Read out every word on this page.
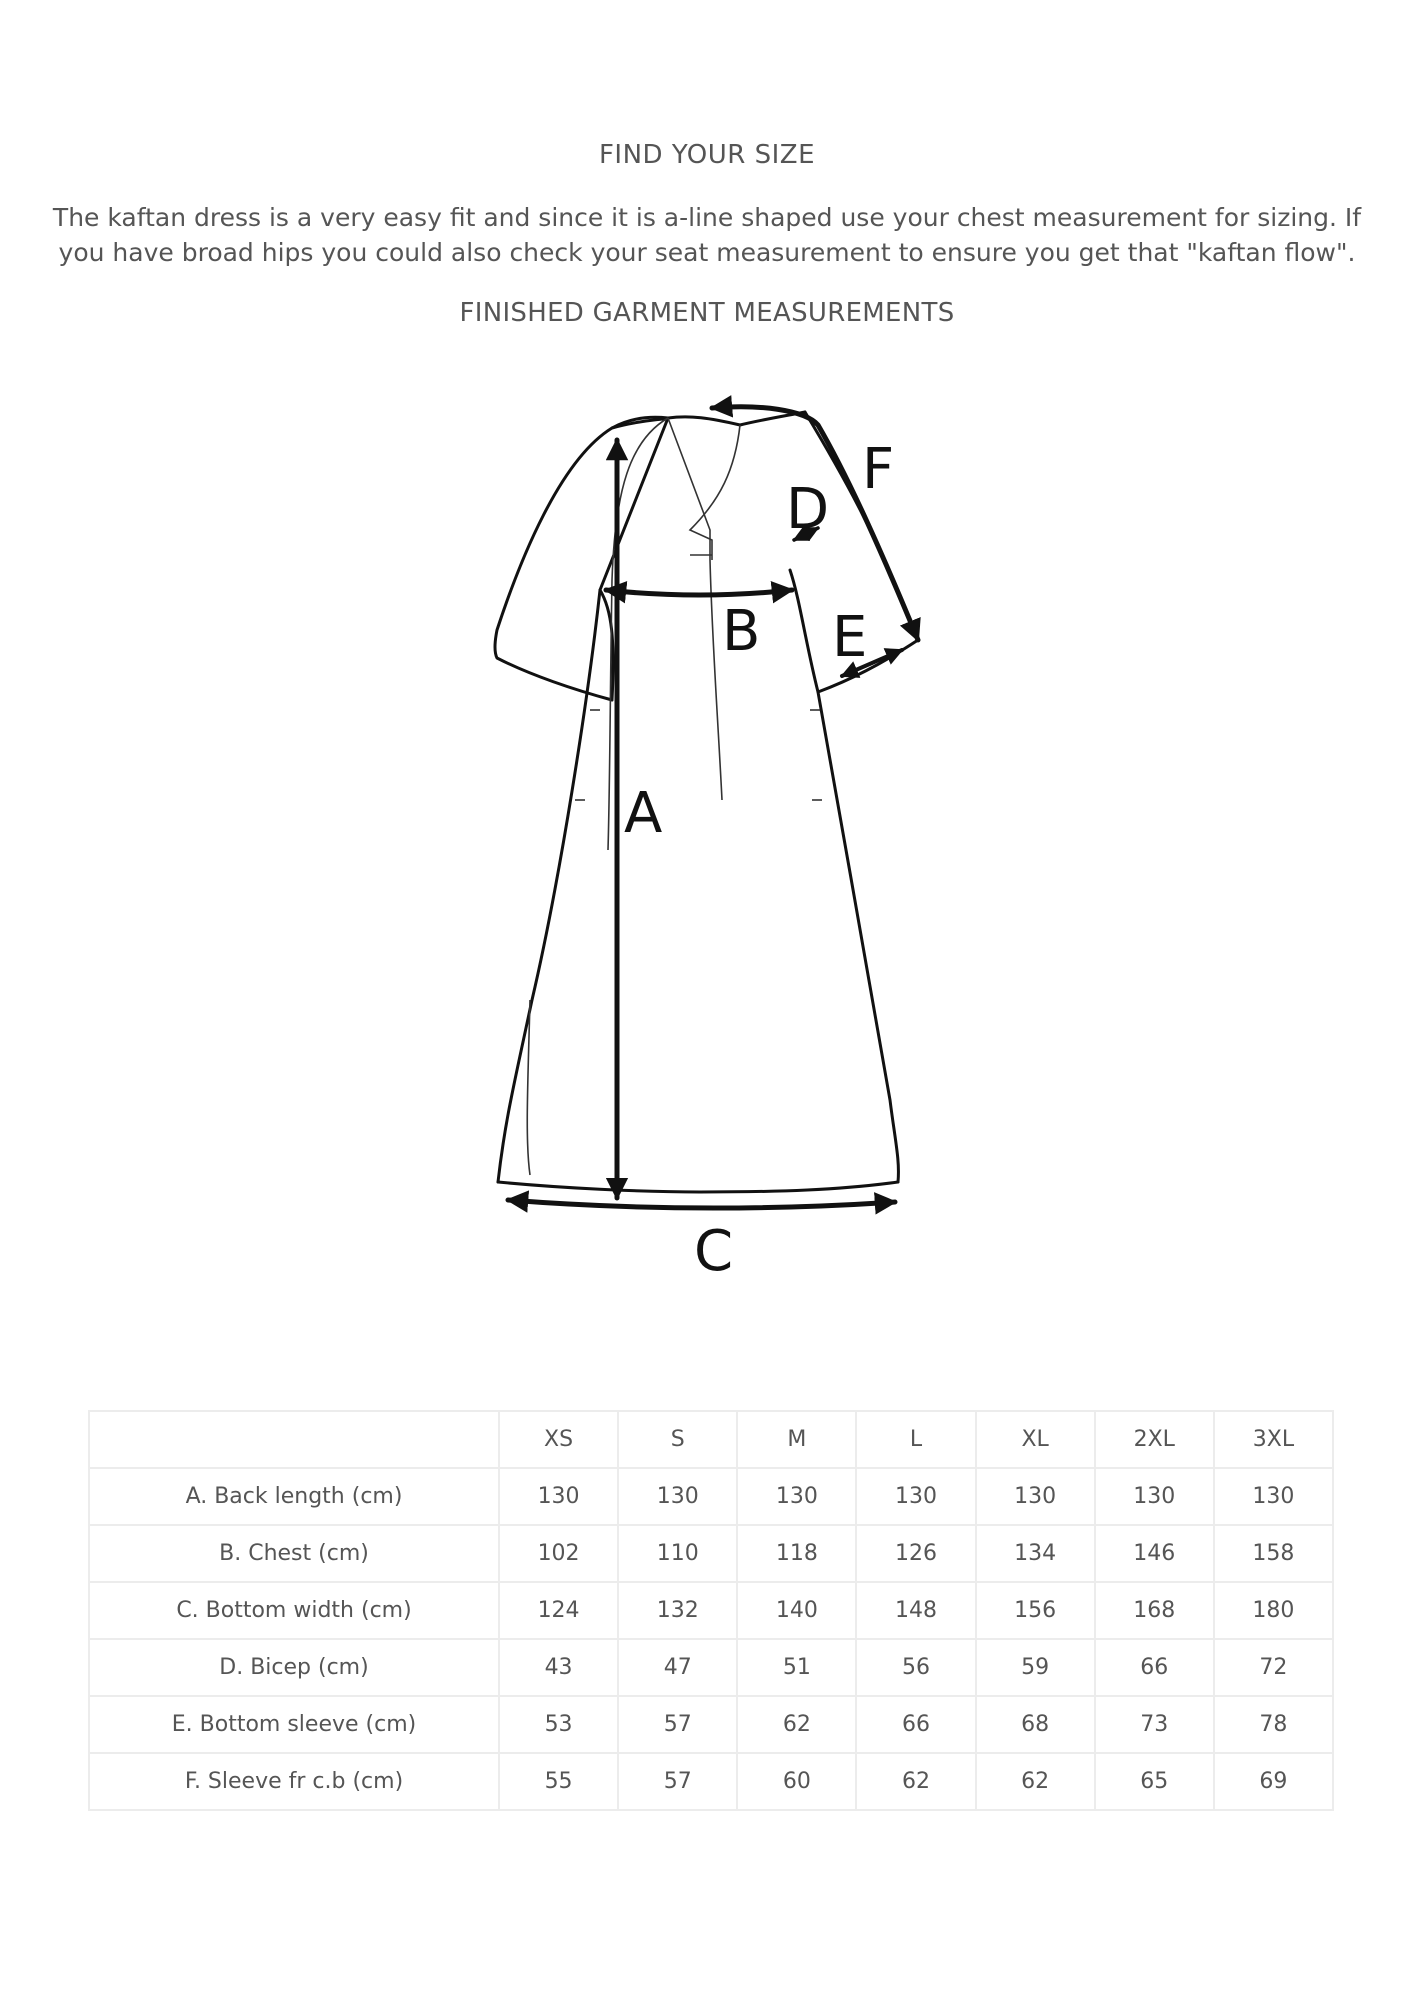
FIND YOUR SIZE
The kaftan dress is a very easy fit and since it is a-line shaped use your chest measurement for sizing. If you have broad hips you could also check your seat measurement to ensure you get that "kaftan flow".
FINISHED GARMENT MEASUREMENTS
A
B
C
D
E
F
	XS	S	M	L	XL	2XL	3XL
A. Back length (cm)	130	130	130	130	130	130	130
B. Chest (cm)	102	110	118	126	134	146	158
C. Bottom width (cm)	124	132	140	148	156	168	180
D. Bicep (cm)	43	47	51	56	59	66	72
E. Bottom sleeve (cm)	53	57	62	66	68	73	78
F. Sleeve fr c.b (cm)	55	57	60	62	62	65	69
